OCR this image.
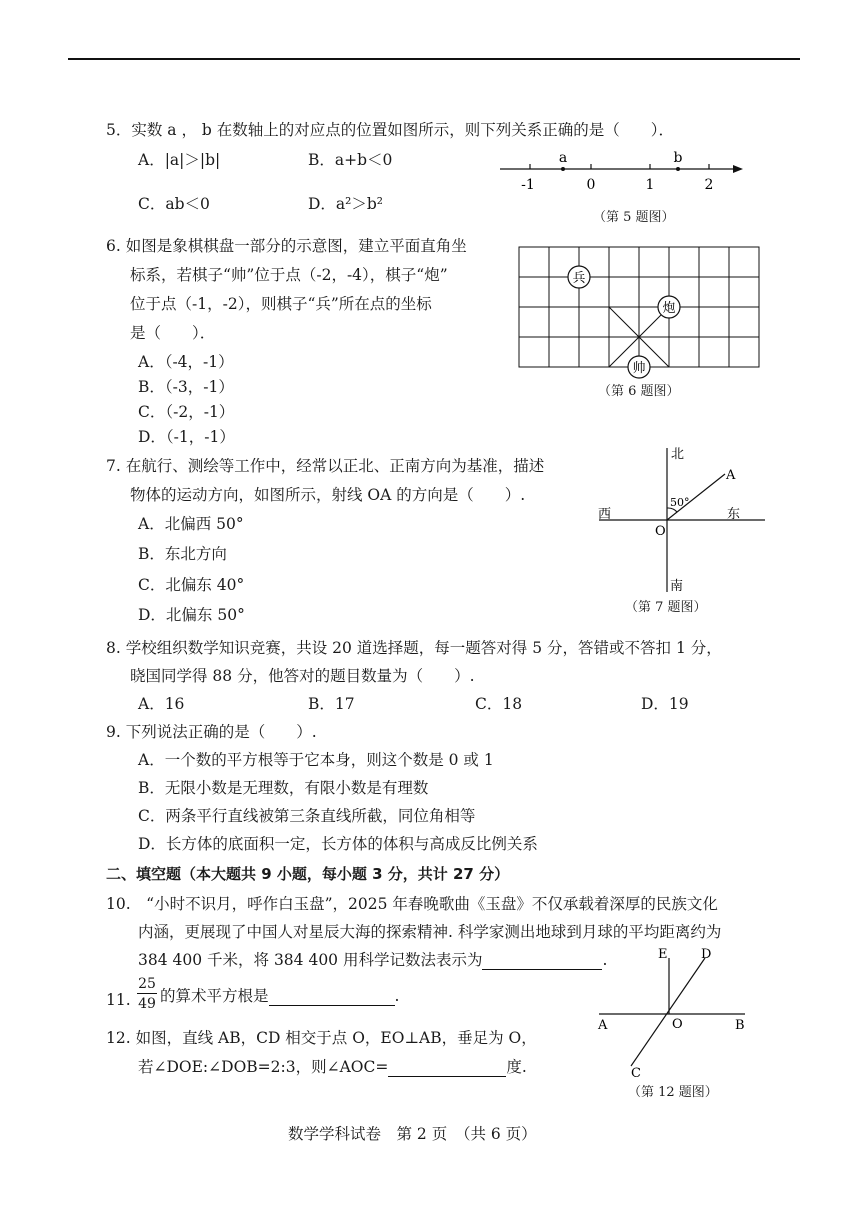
5．实数 a ， b 在数轴上的对应点的位置如图所示，则下列关系正确的是（　　）．
A．|a|＞|b|	B．a+b＜0
C．ab＜0	D．a²＞b²
a	b
-1	0	1	2
（第 5 题图）
6. 如图是象棋棋盘一部分的示意图，建立平面直角坐
标系，若棋子“帅”位于点（-2，-4），棋子“炮”
位于点（-1，-2），则棋子“兵”所在点的坐标
是（　　）．
A．（-4，-1）
B．（-3，-1）
C．（-2，-1）
D．（-1，-1）
兵
炮
帅
（第 6 题图）
7. 在航行、测绘等工作中，经常以正北、正南方向为基准，描述
物体的运动方向，如图所示，射线 OA 的方向是（　　）.
A．北偏西 50°
B．东北方向
C．北偏东 40°
D．北偏东 50°
北
A
50°
西	东
O
南
（第 7 题图）
8. 学校组织数学知识竞赛，共设 20 道选择题，每一题答对得 5 分，答错或不答扣 1 分，
晓国同学得 88 分，他答对的题目数量为（　　）.
A．16	B．17	C．18	D．19
9. 下列说法正确的是（　　）.
A．一个数的平方根等于它本身，则这个数是 0 或 1
B．无限小数是无理数，有限小数是有理数
C．两条平行直线被第三条直线所截，同位角相等
D．长方体的底面积一定，长方体的体积与高成反比例关系
二、填空题（本大题共 9 小题，每小题 3 分，共计 27 分）
10.　“小时不识月，呼作白玉盘”，2025 年春晚歌曲《玉盘》不仅承载着深厚的民族文化
内涵，更展现了中国人对星辰大海的探索精神. 科学家测出地球到月球的平均距离约为
384 400 千米，将 384 400 用科学记数法表示为	.
11.
25
49 的算术平方根是	.
12. 如图，直线 AB，CD 相交于点 O，EO⊥AB，垂足为 O，
若∠DOE:∠DOB=2:3，则∠AOC=	度.
E	D
A	O	B
C
（第 12 题图）
数学学科试卷　第 2 页　（共 6 页）
